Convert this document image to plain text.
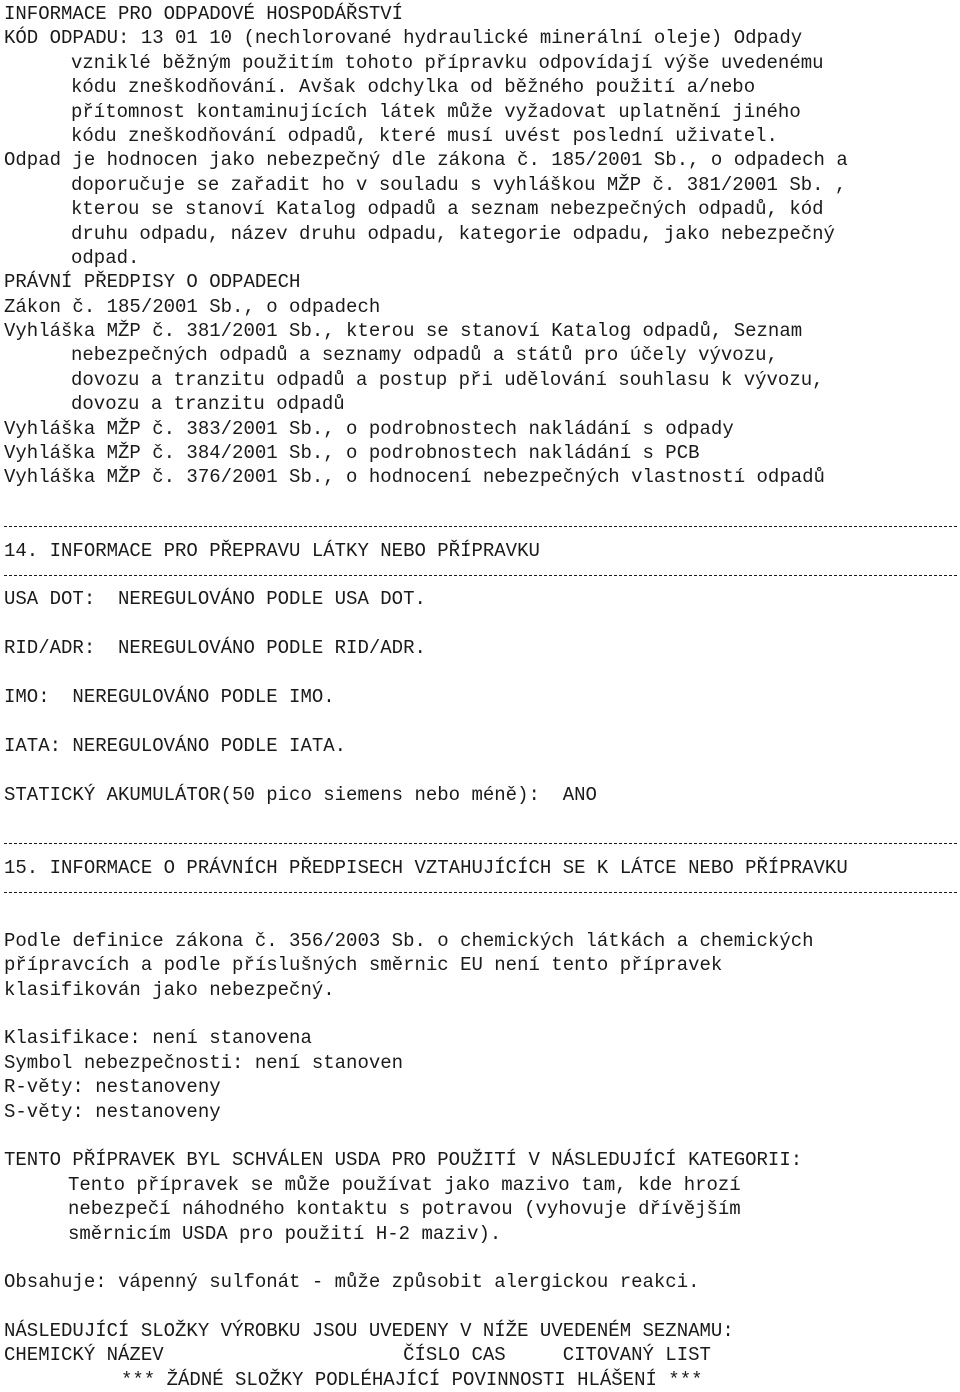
INFORMACE PRO ODPADOVÉ HOSPODÁŘSTVÍ
KÓD ODPADU: 13 01 10 (nechlorované hydraulické minerální oleje) Odpady
vzniklé běžným použitím tohoto přípravku odpovídají výše uvedenému
kódu zneškodňování. Avšak odchylka od běžného použití a/nebo
přítomnost kontaminujících látek může vyžadovat uplatnění jiného
kódu zneškodňování odpadů, které musí uvést poslední uživatel.
Odpad je hodnocen jako nebezpečný dle zákona č. 185/2001 Sb., o odpadech a
doporučuje se zařadit ho v souladu s vyhláškou MŽP č. 381/2001 Sb. ,
kterou se stanoví Katalog odpadů a seznam nebezpečných odpadů, kód
druhu odpadu, název druhu odpadu, kategorie odpadu, jako nebezpečný
odpad.
PRÁVNÍ PŘEDPISY O ODPADECH
Zákon č. 185/2001 Sb., o odpadech
Vyhláška MŽP č. 381/2001 Sb., kterou se stanoví Katalog odpadů, Seznam
nebezpečných odpadů a seznamy odpadů a států pro účely vývozu,
dovozu a tranzitu odpadů a postup při udělování souhlasu k vývozu,
dovozu a tranzitu odpadů
Vyhláška MŽP č. 383/2001 Sb., o podrobnostech nakládání s odpady
Vyhláška MŽP č. 384/2001 Sb., o podrobnostech nakládání s PCB
Vyhláška MŽP č. 376/2001 Sb., o hodnocení nebezpečných vlastností odpadů
14. INFORMACE PRO PŘEPRAVU LÁTKY NEBO PŘÍPRAVKU
USA DOT:  NEREGULOVÁNO PODLE USA DOT.
RID/ADR:  NEREGULOVÁNO PODLE RID/ADR.
IMO:  NEREGULOVÁNO PODLE IMO.
IATA: NEREGULOVÁNO PODLE IATA.
STATICKÝ AKUMULÁTOR(50 pico siemens nebo méně):  ANO
15. INFORMACE O PRÁVNÍCH PŘEDPISECH VZTAHUJÍCÍCH SE K LÁTCE NEBO PŘÍPRAVKU
Podle definice zákona č. 356/2003 Sb. o chemických látkách a chemických
přípravcích a podle příslušných směrnic EU není tento přípravek
klasifikován jako nebezpečný.
Klasifikace: není stanovena
Symbol nebezpečnosti: není stanoven
R-věty: nestanoveny
S-věty: nestanoveny
TENTO PŘÍPRAVEK BYL SCHVÁLEN USDA PRO POUŽITÍ V NÁSLEDUJÍCÍ KATEGORII:
Tento přípravek se může používat jako mazivo tam, kde hrozí
nebezpečí náhodného kontaktu s potravou (vyhovuje dřívějším
směrnicím USDA pro použití H-2 maziv).
Obsahuje: vápenný sulfonát - může způsobit alergickou reakci.
NÁSLEDUJÍCÍ SLOŽKY VÝROBKU JSOU UVEDENY V NÍŽE UVEDENÉM SEZNAMU:
CHEMICKÝ NÁZEV                     ČÍSLO CAS     CITOVANÝ LIST
*** ŽÁDNÉ SLOŽKY PODLÉHAJÍCÍ POVINNOSTI HLÁŠENÍ ***
